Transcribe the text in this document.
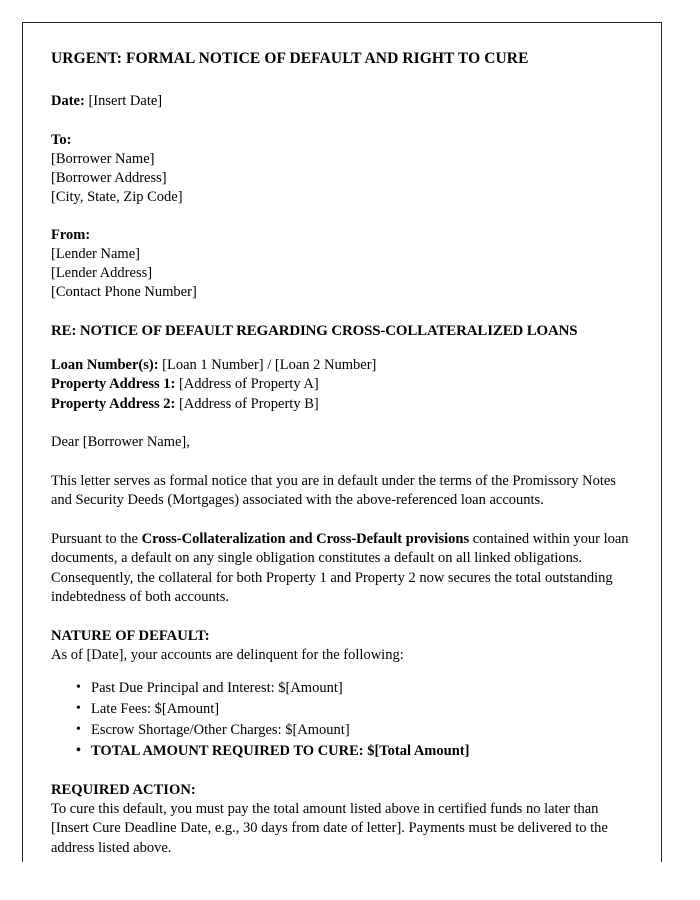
URGENT: FORMAL NOTICE OF DEFAULT AND RIGHT TO CURE

Date: [Insert Date]

To:
[Borrower Name]
[Borrower Address]
[City, State, Zip Code]
From:
[Lender Name]
[Lender Address]
[Contact Phone Number]

RE: NOTICE OF DEFAULT REGARDING CROSS-COLLATERALIZED LOANS

Loan Number(s): [Loan 1 Number] / [Loan 2 Number]

Property Address 1: [Address of Property A]

Property Address 2: [Address of Property B]

Dear [Borrower Name],

This letter serves as formal notice that you are in default under the terms of the Promissory Notes and Security Deeds (Mortgages) associated with the above-referenced loan accounts.

Pursuant to the Cross-Collateralization and Cross-Default provisions contained within your loan documents, a default on any single obligation constitutes a default on all linked obligations. Consequently, the collateral for both Property 1 and Property 2 now secures the total outstanding indebtedness of both accounts.

NATURE OF DEFAULT:

As of [Date], your accounts are delinquent for the following:

• Past Due Principal and Interest: $[Amount]
• Late Fees: $[Amount]
• Escrow Shortage/Other Charges: $[Amount]
• TOTAL AMOUNT REQUIRED TO CURE: $[Total Amount]

REQUIRED ACTION:

To cure this default, you must pay the total amount listed above in certified funds no later than [Insert Cure Deadline Date, e.g., 30 days from date of letter]. Payments must be delivered to the address listed above.
